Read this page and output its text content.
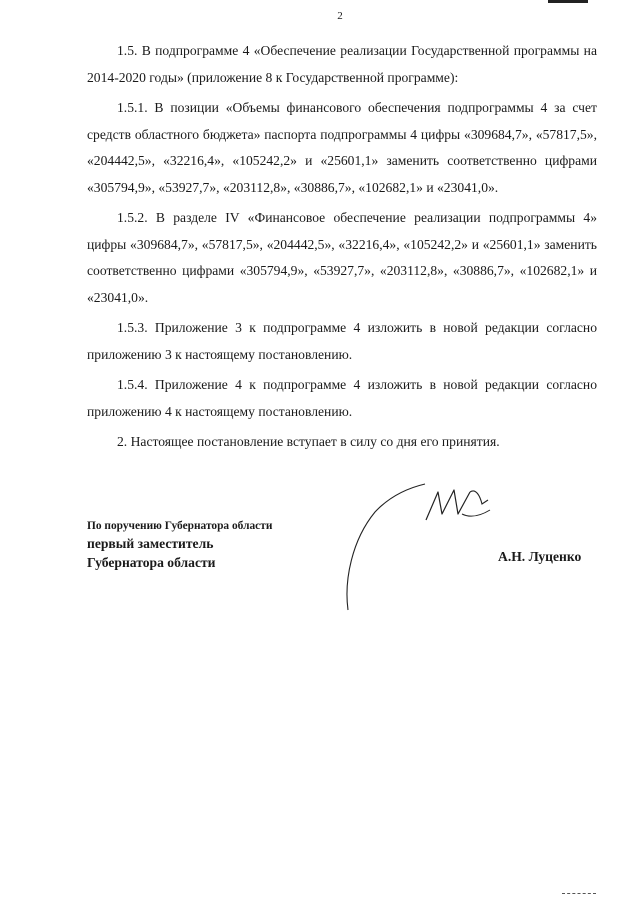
2

1.5. В подпрограмме 4 «Обеспечение реализации Государственной программы на 2014-2020 годы» (приложение 8 к Государственной программе):

1.5.1. В позиции «Объемы финансового обеспечения подпрограммы 4 за счет средств областного бюджета» паспорта подпрограммы 4 цифры «309684,7», «57817,5», «204442,5», «32216,4», «105242,2» и «25601,1» заменить соответственно цифрами «305794,9», «53927,7», «203112,8», «30886,7», «102682,1» и «23041,0».

1.5.2. В разделе IV «Финансовое обеспечение реализации подпрограммы 4» цифры «309684,7», «57817,5», «204442,5», «32216,4», «105242,2» и «25601,1» заменить соответственно цифрами «305794,9», «53927,7», «203112,8», «30886,7», «102682,1» и «23041,0».

1.5.3. Приложение 3 к подпрограмме 4 изложить в новой редакции согласно приложению 3 к настоящему постановлению.

1.5.4. Приложение 4 к подпрограмме 4 изложить в новой редакции согласно приложению 4 к настоящему постановлению.

2. Настоящее постановление вступает в силу со дня его принятия.

По поручению Губернатора области
первый заместитель
Губернатора области	А.Н. Луценко
